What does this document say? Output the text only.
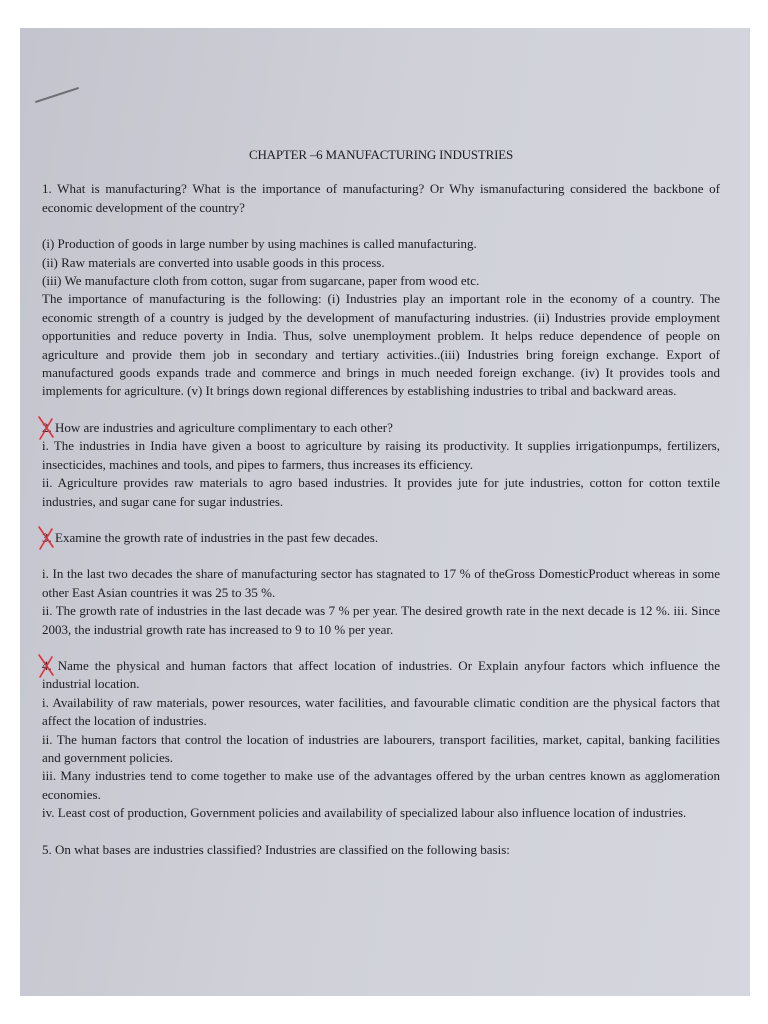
CHAPTER –6 MANUFACTURING INDUSTRIES

1. What is manufacturing? What is the importance of manufacturing? Or Why ismanufacturing considered the backbone of economic development of the country?

(i) Production of goods in large number by using machines is called manufacturing.

(ii) Raw materials are converted into usable goods in this process.

(iii) We manufacture cloth from cotton, sugar from sugarcane, paper from wood etc.

The importance of manufacturing is the following: (i) Industries play an important role in the economy of a country. The economic strength of a country is judged by the development of manufacturing industries. (ii) Industries provide employment opportunities and reduce poverty in India. Thus, solve unemployment problem. It helps reduce dependence of people on agriculture and provide them job in secondary and tertiary activities..(iii) Industries bring foreign exchange. Export of manufactured goods expands trade and commerce and brings in much needed foreign exchange. (iv) It provides tools and implements for agriculture. (v) It brings down regional differences by establishing industries to tribal and backward areas.

2.
How are industries and agriculture complimentary to each other?

i. The industries in India have given a boost to agriculture by raising its productivity. It supplies irrigationpumps, fertilizers, insecticides, machines and tools, and pipes to farmers, thus increases its efficiency.

ii. Agriculture provides raw materials to agro based industries. It provides jute for jute industries, cotton for cotton textile industries, and sugar cane for sugar industries.

3.
Examine the growth rate of industries in the past few decades.

i. In the last two decades the share of manufacturing sector has stagnated to 17 % of theGross DomesticProduct whereas in some other East Asian countries it was 25 to 35 %.

ii. The growth rate of industries in the last decade was 7 % per year. The desired growth rate in the next decade is 12 %. iii. Since 2003, the industrial growth rate has increased to 9 to 10 % per year.

4.
Name the physical and human factors that affect location of industries. Or Explain anyfour factors which influence the industrial location.

i. Availability of raw materials, power resources, water facilities, and favourable climatic condition are the physical factors that affect the location of industries.

ii. The human factors that control the location of industries are labourers, transport facilities, market, capital, banking facilities and government policies.

iii. Many industries tend to come together to make use of the advantages offered by the urban centres known as agglomeration economies.

iv. Least cost of production, Government policies and availability of specialized labour also influence location of industries.

5. On what bases are industries classified? Industries are classified on the following basis:
